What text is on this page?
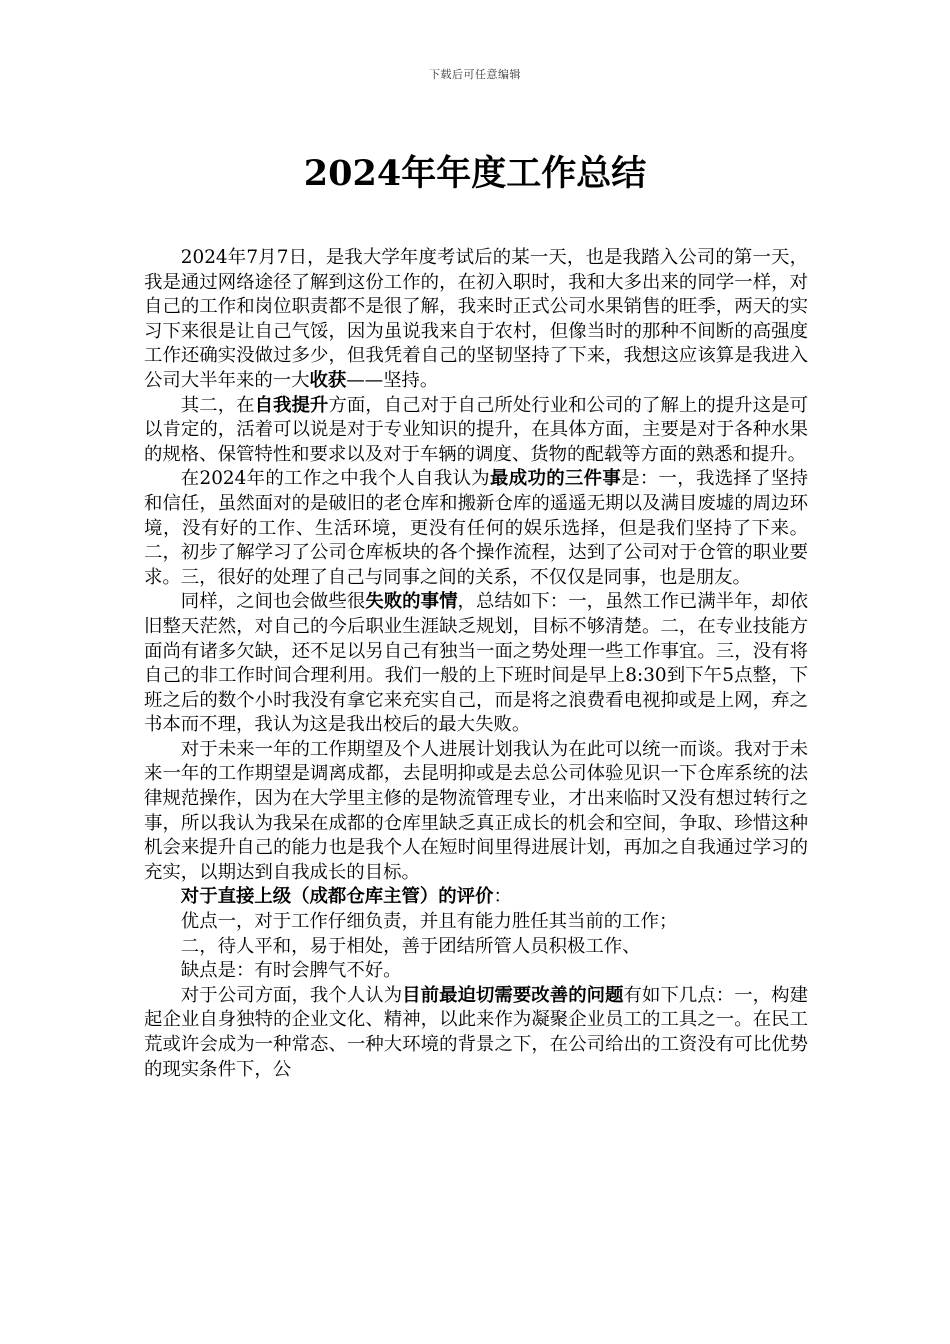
下载后可任意编辑
2024年年度工作总结

2024年7月7日，是我大学年度考试后的某一天，也是我踏入公司的第一天，我是通过网络途径了解到这份工作的，在初入职时，我和大多出来的同学一样，对自己的工作和岗位职责都不是很了解，我来时正式公司水果销售的旺季，两天的实习下来很是让自己气馁，因为虽说我来自于农村，但像当时的那种不间断的高强度工作还确实没做过多少，但我凭着自己的坚韧坚持了下来，我想这应该算是我进入公司大半年来的一大收获——坚持。

其二，在自我提升方面，自己对于自己所处行业和公司的了解上的提升这是可以肯定的，活着可以说是对于专业知识的提升，在具体方面，主要是对于各种水果的规格、保管特性和要求以及对于车辆的调度、货物的配载等方面的熟悉和提升。

在2024年的工作之中我个人自我认为最成功的三件事是：一，我选择了坚持和信任，虽然面对的是破旧的老仓库和搬新仓库的遥遥无期以及满目废墟的周边环境，没有好的工作、生活环境，更没有任何的娱乐选择，但是我们坚持了下来。二，初步了解学习了公司仓库板块的各个操作流程，达到了公司对于仓管的职业要求。三，很好的处理了自己与同事之间的关系，不仅仅是同事，也是朋友。

同样，之间也会做些很失败的事情，总结如下：一，虽然工作已满半年，却依旧整天茫然，对自己的今后职业生涯缺乏规划，目标不够清楚。二，在专业技能方面尚有诸多欠缺，还不足以另自己有独当一面之势处理一些工作事宜。三，没有将自己的非工作时间合理利用。我们一般的上下班时间是早上8:30到下午5点整，下班之后的数个小时我没有拿它来充实自己，而是将之浪费看电视抑或是上网，弃之书本而不理，我认为这是我出校后的最大失败。

对于未来一年的工作期望及个人进展计划我认为在此可以统一而谈。我对于未来一年的工作期望是调离成都，去昆明抑或是去总公司体验见识一下仓库系统的法律规范操作，因为在大学里主修的是物流管理专业，才出来临时又没有想过转行之事，所以我认为我呆在成都的仓库里缺乏真正成长的机会和空间，争取、珍惜这种机会来提升自己的能力也是我个人在短时间里得进展计划，再加之自我通过学习的充实，以期达到自我成长的目标。

对于直接上级（成都仓库主管）的评价：

优点一，对于工作仔细负责，并且有能力胜任其当前的工作；

二，待人平和，易于相处，善于团结所管人员积极工作、

缺点是：有时会脾气不好。

对于公司方面，我个人认为目前最迫切需要改善的问题有如下几点：一，构建起企业自身独特的企业文化、精神，以此来作为凝聚企业员工的工具之一。在民工荒或许会成为一种常态、一种大环境的背景之下，在公司给出的工资没有可比优势的现实条件下，公
